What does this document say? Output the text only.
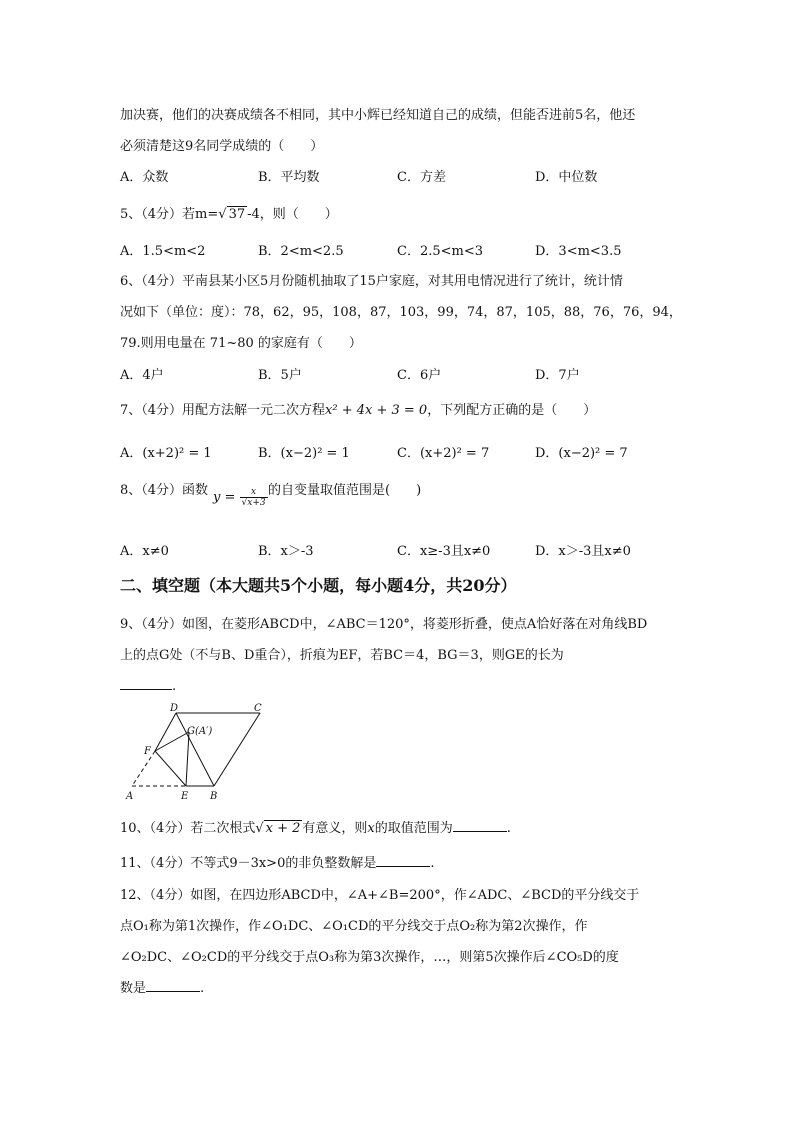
加决赛，他们的决赛成绩各不相同，其中小辉已经知道自己的成绩，但能否进前5名，他还
必须清楚这9名同学成绩的（　　）
A．众数	B．平均数	C．方差	D．中位数
5、（4分）若m=√ 37 -4，则（　　）
A．1.5<m<2	B．2<m<2.5	C．2.5<m<3	D．3<m<3.5
6、（4分）平南县某小区5月份随机抽取了15户家庭，对其用电情况进行了统计，统计情
况如下（单位：度）：78，62，95，108，87，103，99，74，87，105，88，76，76，94，
79.则用电量在 71~80 的家庭有（　　）
A．4户	B．5户	C．6户	D．7户
7、（4分）用配方法解一元二次方程x² + 4x + 3 = 0，下列配方正确的是（　　）
A．(x+2)² = 1	B．(x−2)² = 1	C．(x+2)² = 7	D．(x−2)² = 7
8、（4分）函数 $y = \frac{x}{√x+3}$ 的自变量取值范围是(　　)
A．x≠0	B．x＞-3	C．x≥-3且x≠0	D．x＞-3且x≠0
二、填空题（本大题共5个小题，每小题4分，共20分）
9、（4分）如图，在菱形ABCD中，∠ABC＝120°，将菱形折叠，使点A恰好落在对角线BD
上的点G处（不与B、D重合），折痕为EF，若BC＝4，BG＝3，则GE的长为
.
D	C
G(A′)
F
A	E B
10、（4分）若二次根式√ x + 2 有意义，则x的取值范围为	.
11、（4分）不等式9－3x>0的非负整数解是	.
12、（4分）如图，在四边形ABCD中，∠A+∠B=200°，作∠ADC、∠BCD的平分线交于
点O₁称为第1次操作，作∠O₁DC、∠O₁CD的平分线交于点O₂称为第2次操作，作
∠O₂DC、∠O₂CD的平分线交于点O₃称为第3次操作，…，则第5次操作后∠CO₅D的度
数是	.
